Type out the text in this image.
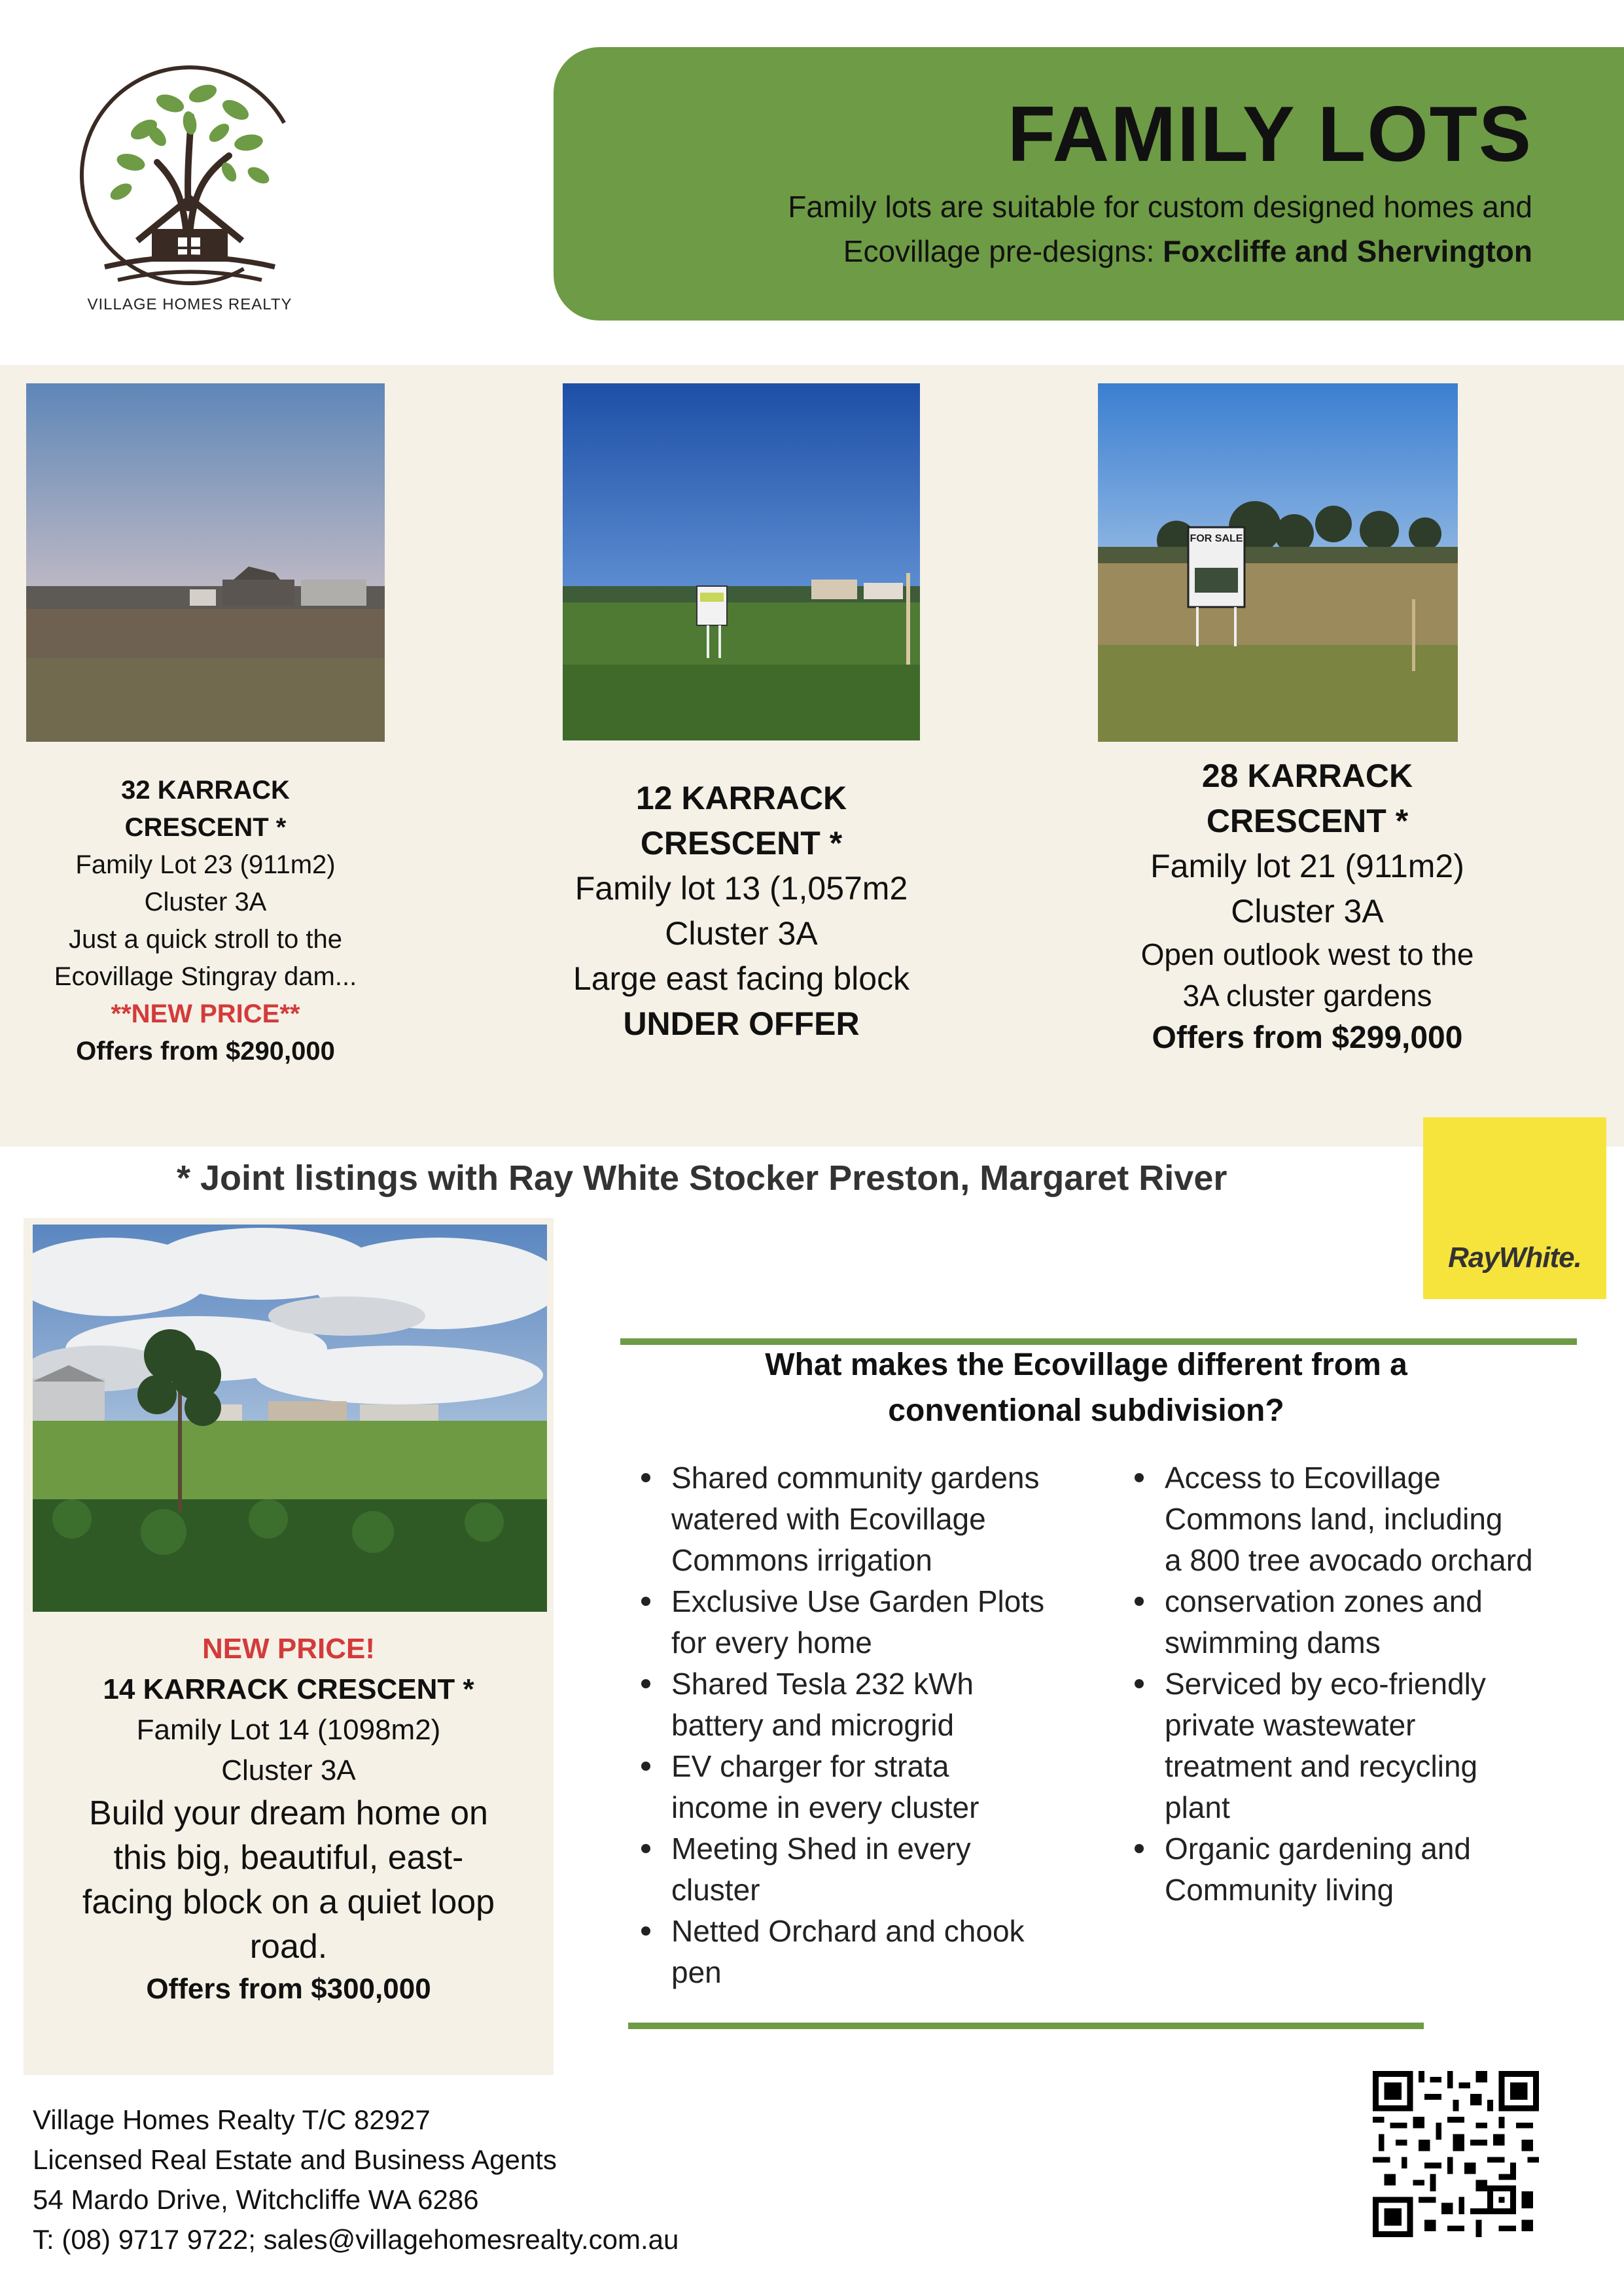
VILLAGE HOMES REALTY
FAMILY LOTS
Family lots are suitable for custom designed homes and
Ecovillage pre-designs: Foxcliffe and Shervington
FOR SALE
32 KARRACK
CRESCENT *
Family Lot 23 (911m2)
Cluster 3A
Just a quick stroll to the
Ecovillage Stingray dam...
**NEW PRICE**
Offers from $290,000
12 KARRACK
CRESCENT *
Family lot 13 (1,057m2
Cluster 3A
Large east facing block
UNDER OFFER
28 KARRACK
CRESCENT *
Family lot 21 (911m2)
Cluster 3A
Open outlook west to the
3A cluster gardens
Offers from $299,000
* Joint listings with Ray White Stocker Preston, Margaret River
RayWhite.
NEW PRICE!
14 KARRACK CRESCENT *
Family Lot 14 (1098m2)
Cluster 3A
Build your dream home on
this big, beautiful, east-
facing block on a quiet loop
road.
Offers from $300,000
What makes the Ecovillage different from a
conventional subdivision?
Shared community gardens
watered with Ecovillage
Commons irrigation
Exclusive Use Garden Plots
for every home
Shared Tesla 232 kWh
battery and microgrid
EV charger for strata
income in every cluster
Meeting Shed in every
cluster
Netted Orchard and chook
pen
Access to Ecovillage
Commons land, including
a 800 tree avocado orchard
conservation zones and
swimming dams
Serviced by eco-friendly
private wastewater
treatment and recycling
plant
Organic gardening and
Community living
Village Homes Realty T/C 82927
Licensed Real Estate and Business Agents
54 Mardo Drive, Witchcliffe WA 6286
T: (08) 9717 9722; sales@villagehomesrealty.com.au
